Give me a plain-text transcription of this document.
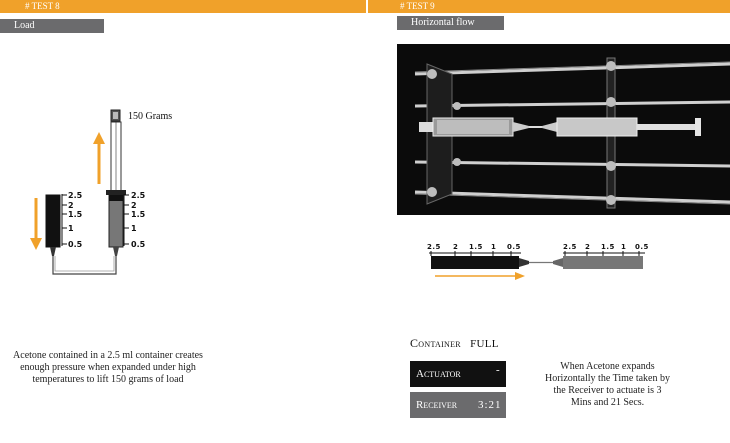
# TEST 8	# TEST 9
Load	Horizontal flow
150 Grams
2.5
2
1.5
1
0.5
2.5
2
1.5
1
0.5
Acetone contained in a 2.5 ml container creates enough pressure when expanded under high temperatures to lift 150 grams of load
2.5 2 1.5 1 0.5	2.5 2 1.5 1 0.5
Container FULL
Actuator	-
Receiver 3:21
When Acetone expands Horizontally the Time taken by the Receiver to actuate is 3 Mins and 21 Secs.
